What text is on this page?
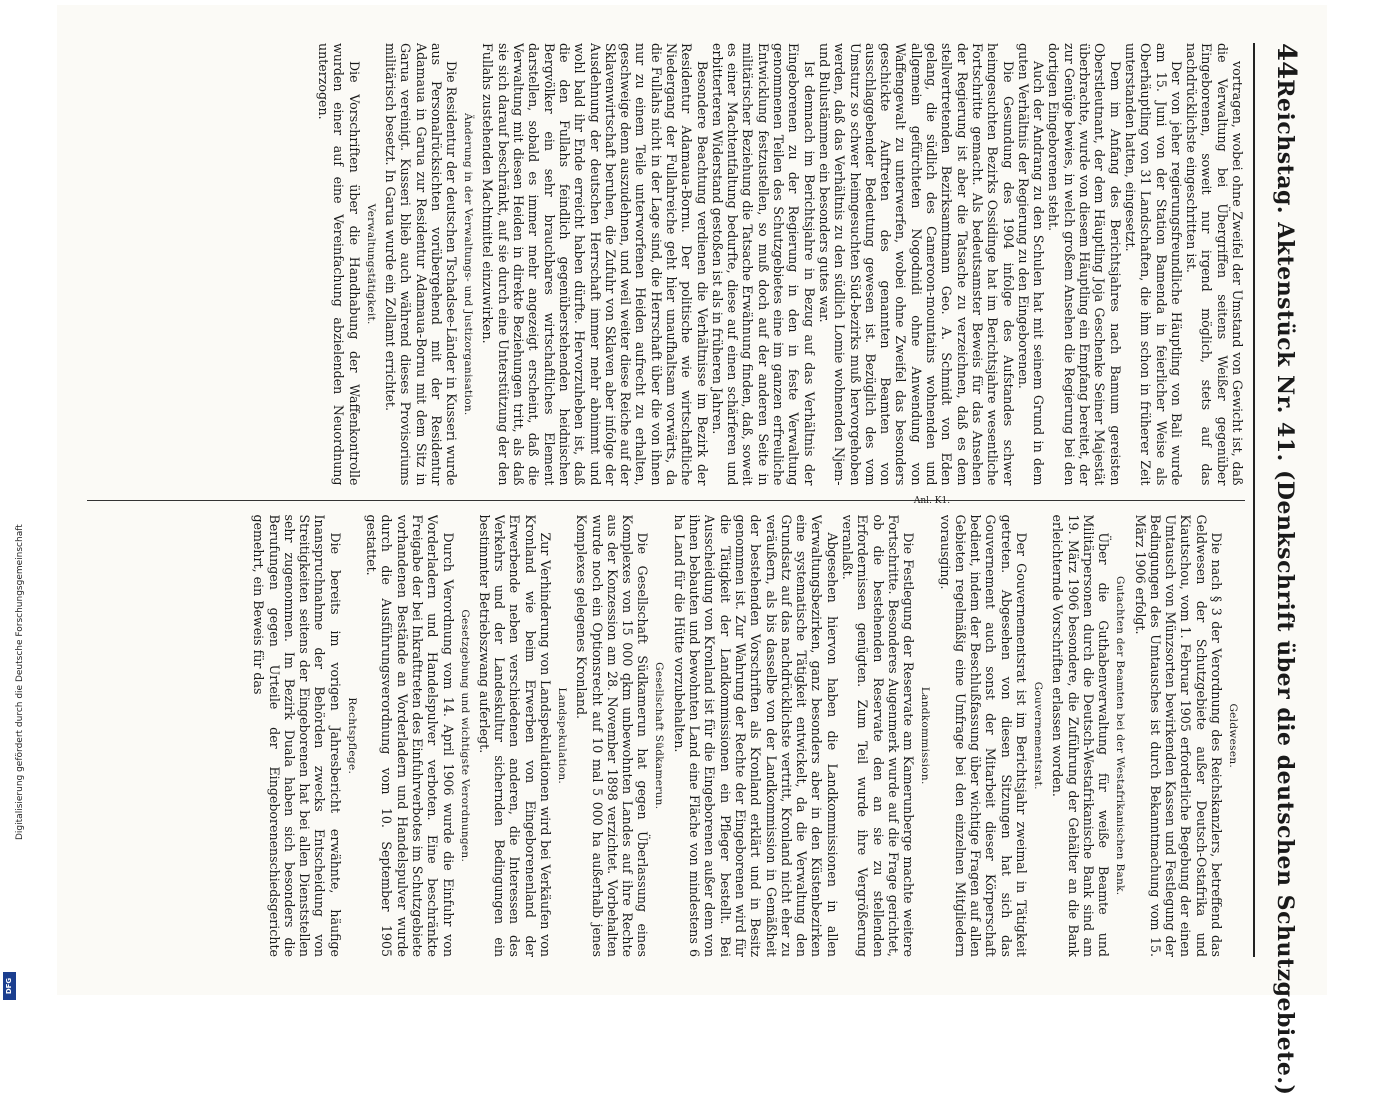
44
Reichstag. Aktenstück Nr. 41. (Denkschrift über die deutschen Schutzgebiete.)

vortragen, wobei ohne Zweifel der Umstand von Gewicht ist, daß die Verwaltung bei Übergriffen seitens Weißer gegenüber Eingeborenen, soweit nur irgend möglich, stets auf das nachdrücklichste eingeschritten ist.

Der von jeher regierungsfreundliche Häuptling von Bali wurde am 15. Juni von der Station Bamenda in feierlicher Weise als Oberhäuptling von 31 Landschaften, die ihm schon in früherer Zeit unterstanden hatten, eingesetzt.

Dem im Anfang des Berichtsjahres nach Bamum gereisten Oberstleutnant, der dem Häuptling Joja Geschenke Seiner Majestät überbrachte, wurde von diesem Häuptling ein Empfang bereitet, der zur Genüge bewies, in welch großem Ansehen die Regierung bei den dortigen Eingeborenen steht.

Auch der Andrang zu den Schulen hat mit seinem Grund in dem guten Verhältnis der Regierung zu den Eingeborenen.

Die Gesundung des 1904 infolge des Aufstandes schwer heimgesuchten Bezirks Ossidinge hat im Berichtsjahre wesentliche Fortschritte gemacht. Als bedeutsamster Beweis für das Ansehen der Regierung ist aber die Tatsache zu verzeichnen, daß es dem stellvertretenden Bezirksamtmann Geo. A. Schmidt von Eden gelang, die südlich des Cameroon-mountains wohnenden und allgemein gefürchteten Nogodnidi ohne Anwendung von Waffengewalt zu unterwerfen, wobei ohne Zweifel das besonders geschickte Auftreten des genannten Beamten von ausschlaggebender Bedeutung gewesen ist. Bezüglich des vom Umsturz so schwer heimgesuchten Süd-bezirks muß hervorgehoben werden, daß das Verhältnis zu den südlich Lomie wohnenden Njem- und Bulustämmen ein besonders gutes war.

Ist demnach im Berichtsjahre in Bezug auf das Verhältnis der Eingeborenen zu der Regierung in den in feste Verwaltung genommenen Teilen des Schutzgebietes eine im ganzen erfreuliche Entwicklung festzustellen, so muß doch auf der anderen Seite in militärischer Beziehung die Tatsache Erwähnung finden, daß, soweit es einer Machtentfaltung bedurfte, diese auf einen schärferen und erbitterteren Widerstand gestoßen ist als in früheren Jahren.

Besondere Beachtung verdienen die Verhältnisse im Bezirk der Residentur Adamaua-Bornu. Der politische wie wirtschaftliche Niedergang der Fullahreiche geht hier unaufhaltsam vorwärts, da die Fullahs nicht in der Lage sind, die Herrschaft über die von ihnen nur zu einem Teile unterworfenen Heiden aufrecht zu erhalten, geschweige denn auszudehnen, und weil weiter diese Reiche auf der Sklavenwirtschaft beruhen, die Zufuhr von Sklaven aber infolge der Ausdehnung der deutschen Herrschaft immer mehr abnimmt und wohl bald ihr Ende erreicht haben dürfte. Hervorzuheben ist, daß die den Fullahs feindlich gegenüberstehenden heidnischen Bergvölker ein sehr brauchbares wirtschaftliches Element darstellen, sobald es immer mehr angezeigt erscheint, daß die Verwaltung mit diesen Heiden in direkte Beziehungen tritt, als daß sie sich darauf beschränkt, auf sie durch eine Unterstützung der den Fullahs zustehenden Machtmittel einzuwirken.

Änderung in der Verwaltungs- und Justizorganisation.

Die Residentur der deutschen Tschadsee-Länder in Kusseri wurde aus Personalrücksichten vorübergehend mit der Residentur Adamaua in Garua zur Residentur Adamaua-Bornu mit dem Sitz in Garua vereinigt. Kusseri blieb auch während dieses Provisoriums militärisch besetzt. In Garua wurde ein Zollamt errichtet.

Verwaltungstätigkeit.

Die Vorschriften über die Handhabung der Waffenkontrolle wurden einer auf eine Vereinfachung abzielenden Neuordnung unterzogen.

Geldwesen.

Die nach § 3 der Verordnung des Reichskanzlers, betreffend das Geldwesen der Schutzgebiete außer Deutsch-Ostafrika und Kiautschou, vom 1. Februar 1905 erforderliche Begebung der einen Umtausch von Münzsorten bewirkenden Kassen und Festlegung der Bedingungen des Umtausches ist durch Bekanntmachung vom 15. März 1906 erfolgt.

Gutachten der Beamten bei der Westafrikanischen Bank.

Über die Guthabenverwaltung für weiße Beamte und Militärpersonen durch die Deutsch-Westafrikanische Bank sind am 19. März 1906 besondere, die Zuführung der Gehälter an die Bank erleichternde Vorschriften erlassen worden.

Gouvernementsrat.

Der Gouvernementsrat ist im Berichtsjahr zweimal in Tätigkeit getreten. Abgesehen von diesen Sitzungen hat sich das Gouvernement auch sonst der Mitarbeit dieser Körperschaft bedient, indem der Beschlußfassung über wichtige Fragen auf allen Gebieten regelmäßig eine Umfrage bei den einzelnen Mitgliedern vorausging.

Landkommission.

Die Festlegung der Reservate am Kamerunberge machte weitere Fortschritte. Besonderes Augenmerk wurde auf die Frage gerichtet, ob die bestehenden Reservate den an sie zu stellenden Erfordernissen genügten. Zum Teil wurde ihre Vergrößerung veranlaßt.

Abgesehen hiervon haben die Landkommissionen in allen Verwaltungsbezirken, ganz besonders aber in den Küstenbezirken eine systematische Tätigkeit entwickelt, da die Verwaltung den Grundsatz auf das nachdrücklichste vertritt, Kronland nicht eher zu veräußern, als bis dasselbe von der Landkommission in Gemäßheit der bestehenden Vorschriften als Kronland erklärt und in Besitz genommen ist. Zur Wahrung der Rechte der Eingeborenen wird für die Tätigkeit der Landkommissionen ein Pfleger bestellt. Bei Ausscheidung von Kronland ist für die Eingeborenen außer dem von ihnen bebauten und bewohnten Land eine Fläche von mindestens 6 ha Land für die Hütte vorzubehalten.

Gesellschaft Südkamerun.

Die Gesellschaft Südkamerun hat gegen Überlassung eines Komplexes von 15 000 qkm unbewohnten Landes auf ihre Rechte aus der Konzession am 28. November 1898 verzichtet. Vorbehalten wurde noch ein Optionsrecht auf 10 mal 5 000 ha außerhalb jenes Komplexes gelegenes Kronland.

Landspekulation.

Zur Verhinderung von Landspekulationen wird bei Verkäufen von Kronland wie beim Erwerben von Eingeborenenland der Erwerbende neben verschiedenen anderen, die Interessen des Verkehrs und der Landeskultur sichernden Bedingungen ein bestimmter Betriebszwang auferlegt.

Gesetzgebung und wichtigste Verordnungen.

Durch Verordnung vom 14. April 1906 wurde die Einfuhr von Vorderladern und Handelspulver verboten. Eine beschränkte Freigabe der bei Inkrafttreten des Einfuhrverbotes im Schutzgebiete vorhandenen Bestände an Vorderladern und Handelspulver wurde durch die Ausführungsverordnung vom 10. September 1905 gestattet.

Rechtspflege.

Die bereits im vorigen Jahresbericht erwähnte, häufige Inanspruchnahme der Behörden zwecks Entscheidung von Streitigkeiten seitens der Eingeborenen hat bei allen Dienststellen sehr zugenommen. Im Bezirk Duala haben sich besonders die Berufungen gegen Urteile der Eingeborenenschiedsgerichte gemehrt, ein Beweis für das

Anl. K1.
Digitalisierung gefördert durch die Deutsche Forschungsgemeinschaft
DFG
